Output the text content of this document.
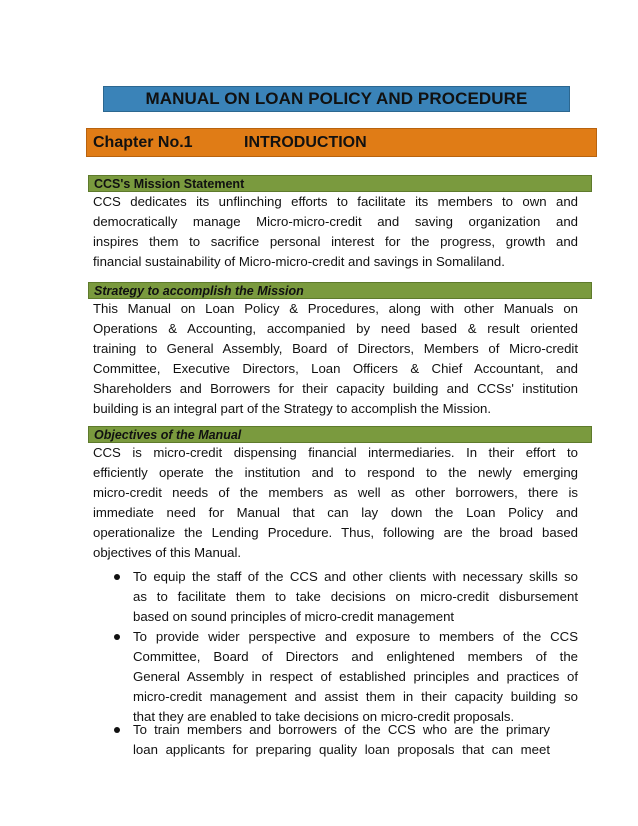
MANUAL ON LOAN POLICY AND PROCEDURE
Chapter No.1	INTRODUCTION
CCS's Mission Statement
CCS dedicates its unflinching efforts to facilitate its members to own and
democratically manage Micro-micro-credit and saving organization and
inspires them to sacrifice personal interest for the progress, growth and
financial sustainability of Micro-micro-credit and savings in Somaliland.
Strategy to accomplish the Mission
This Manual on Loan Policy & Procedures, along with other Manuals on
Operations & Accounting, accompanied by need based & result oriented
training to General Assembly, Board of Directors, Members of Micro-credit
Committee, Executive Directors, Loan Officers & Chief Accountant, and
Shareholders and Borrowers for their capacity building and CCSs' institution
building is an integral part of the Strategy to accomplish the Mission.
Objectives of the Manual
CCS is micro-credit dispensing financial intermediaries. In their effort to
efficiently operate the institution and to respond to the newly emerging
micro-credit needs of the members as well as other borrowers, there is
immediate need for Manual that can lay down the Loan Policy and
operationalize the Lending Procedure. Thus, following are the broad based
objectives of this Manual.
To equip the staff of the CCS and other clients with necessary skills so
as to facilitate them to take decisions on micro-credit disbursement
based on sound principles of micro-credit management
To provide wider perspective and exposure to members of the CCS
Committee, Board of Directors and enlightened members of the
General Assembly in respect of established principles and practices of
micro-credit management and assist them in their capacity building so
that they are enabled to take decisions on micro-credit proposals.
To train members and borrowers of the CCS who are the primary
loan applicants for preparing quality loan proposals that can meet
